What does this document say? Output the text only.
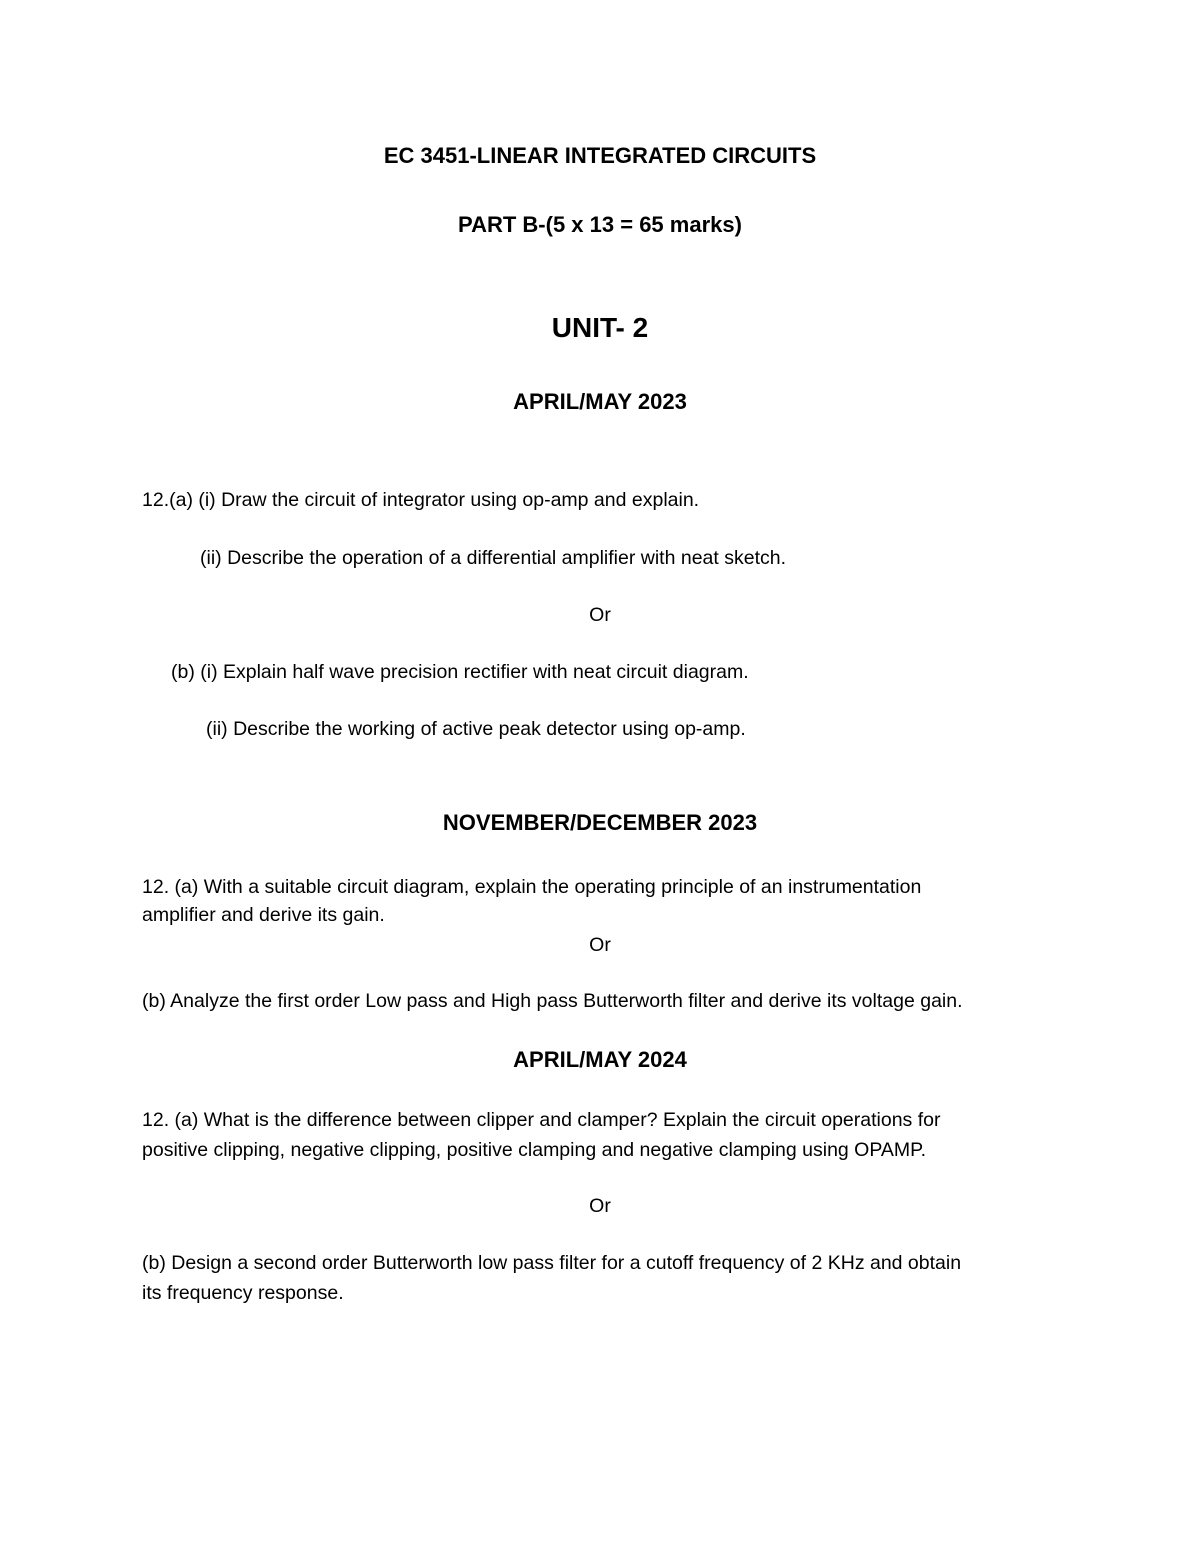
EC 3451-LINEAR INTEGRATED CIRCUITS

PART B-(5 x 13 = 65 marks)

UNIT- 2

APRIL/MAY 2023

12.(a) (i) Draw the circuit of integrator using op-amp and explain.

(ii) Describe the operation of a differential amplifier with neat sketch.

Or

(b) (i) Explain half wave precision rectifier with neat circuit diagram.

(ii) Describe the working of active peak detector using op-amp.

NOVEMBER/DECEMBER 2023

12. (a) With a suitable circuit diagram, explain the operating principle of an instrumentation

amplifier and derive its gain.

Or

(b) Analyze the first order Low pass and High pass Butterworth filter and derive its voltage gain.

APRIL/MAY 2024

12. (a) What is the difference between clipper and clamper? Explain the circuit operations for

positive clipping, negative clipping, positive clamping and negative clamping using OPAMP.

Or

(b) Design a second order Butterworth low pass filter for a cutoff frequency of 2 KHz and obtain

its frequency response.
